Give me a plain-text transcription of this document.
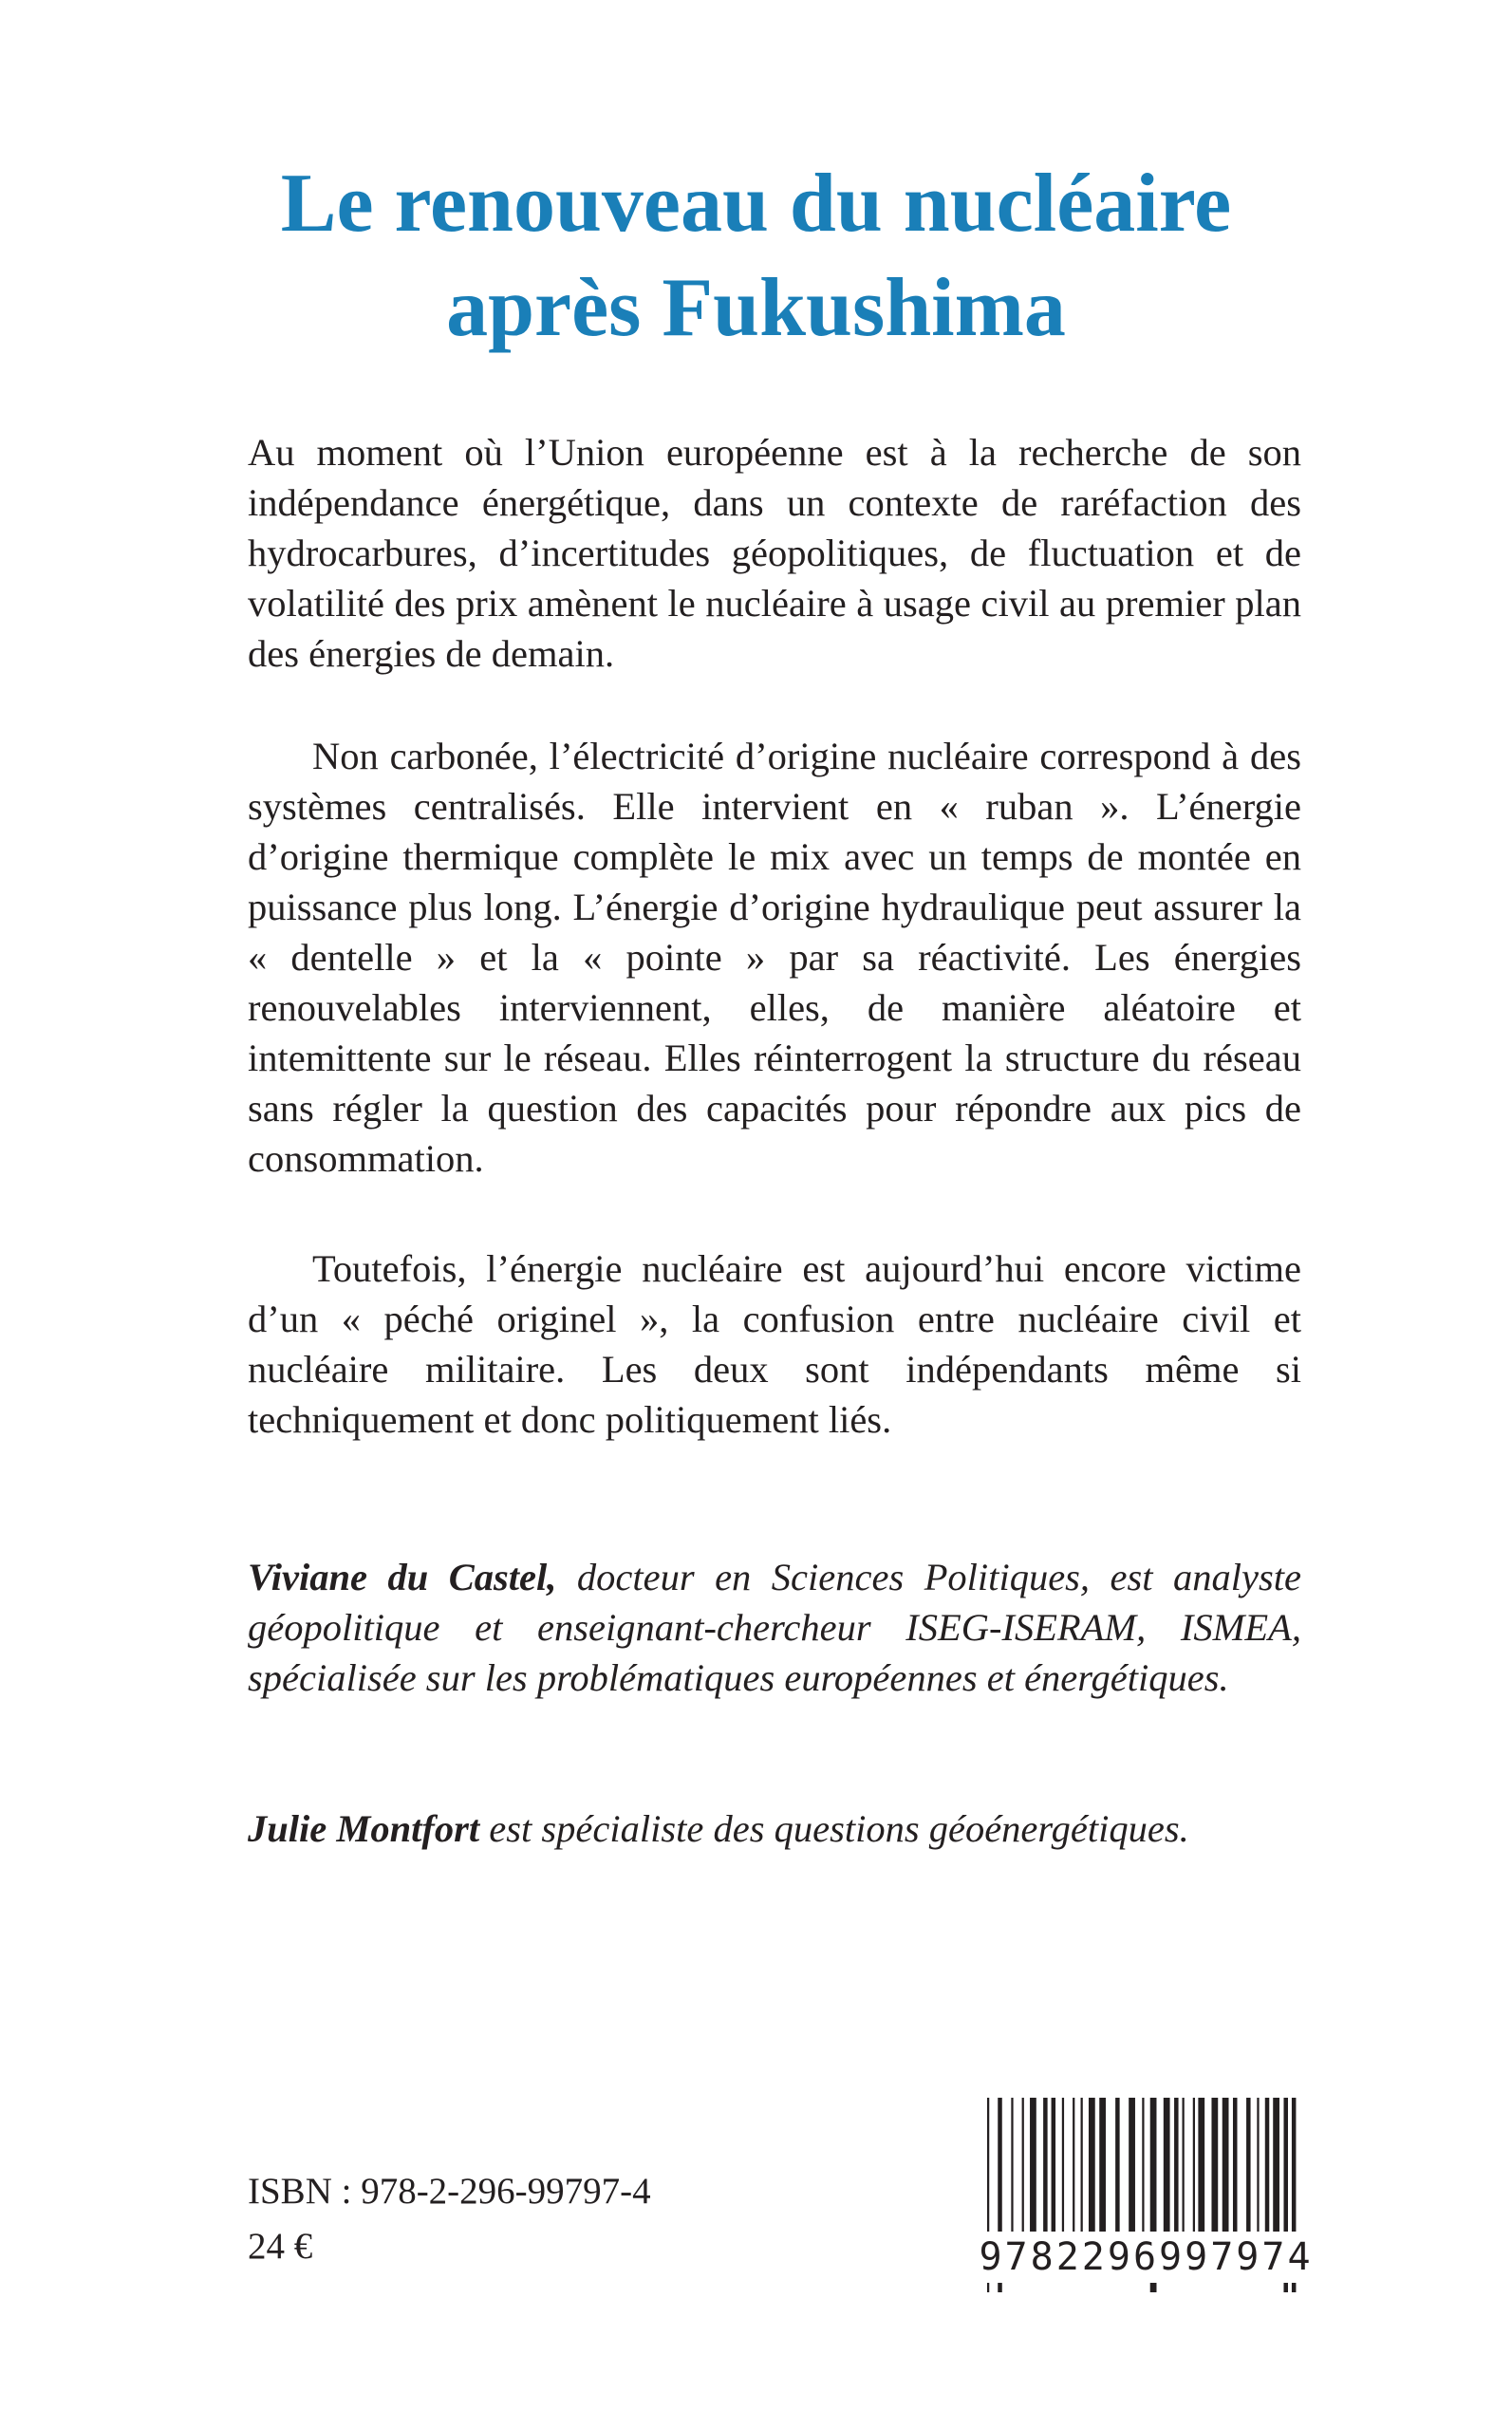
Le renouveau du nucléaire
après Fukushima

Au moment où l’Union européenne est à la recherche de son indépendance énergétique, dans un contexte de raréfaction des hydrocarbures, d’incertitudes géopolitiques, de fluctuation et de volatilité des prix amènent le nucléaire à usage civil au premier plan des énergies de demain.

Non carbonée, l’électricité d’origine nucléaire correspond à des systèmes centralisés. Elle intervient en « ruban ». L’énergie d’origine thermique complète le mix avec un temps de montée en puissance plus long. L’énergie d’origine hydraulique peut assurer la « dentelle » et la « pointe » par sa réactivité. Les énergies renouvelables interviennent, elles, de manière aléatoire et intemittente sur le réseau. Elles réinterrogent la structure du réseau sans régler la question des capacités pour répondre aux pics de consommation.

Toutefois, l’énergie nucléaire est aujourd’hui encore victime d’un « péché originel », la confusion entre nucléaire civil et nucléaire militaire. Les deux sont indépendants même si techniquement et donc politiquement liés.

Viviane du Castel, docteur en Sciences Politiques, est analyste géopolitique et enseignant-chercheur ISEG-ISERAM, ISMEA, spécialisée sur les problématiques européennes et énergétiques.

Julie Montfort est spécialiste des questions géoénergétiques.

ISBN : 978-2-296-99797-4

24 €	9782296997974
